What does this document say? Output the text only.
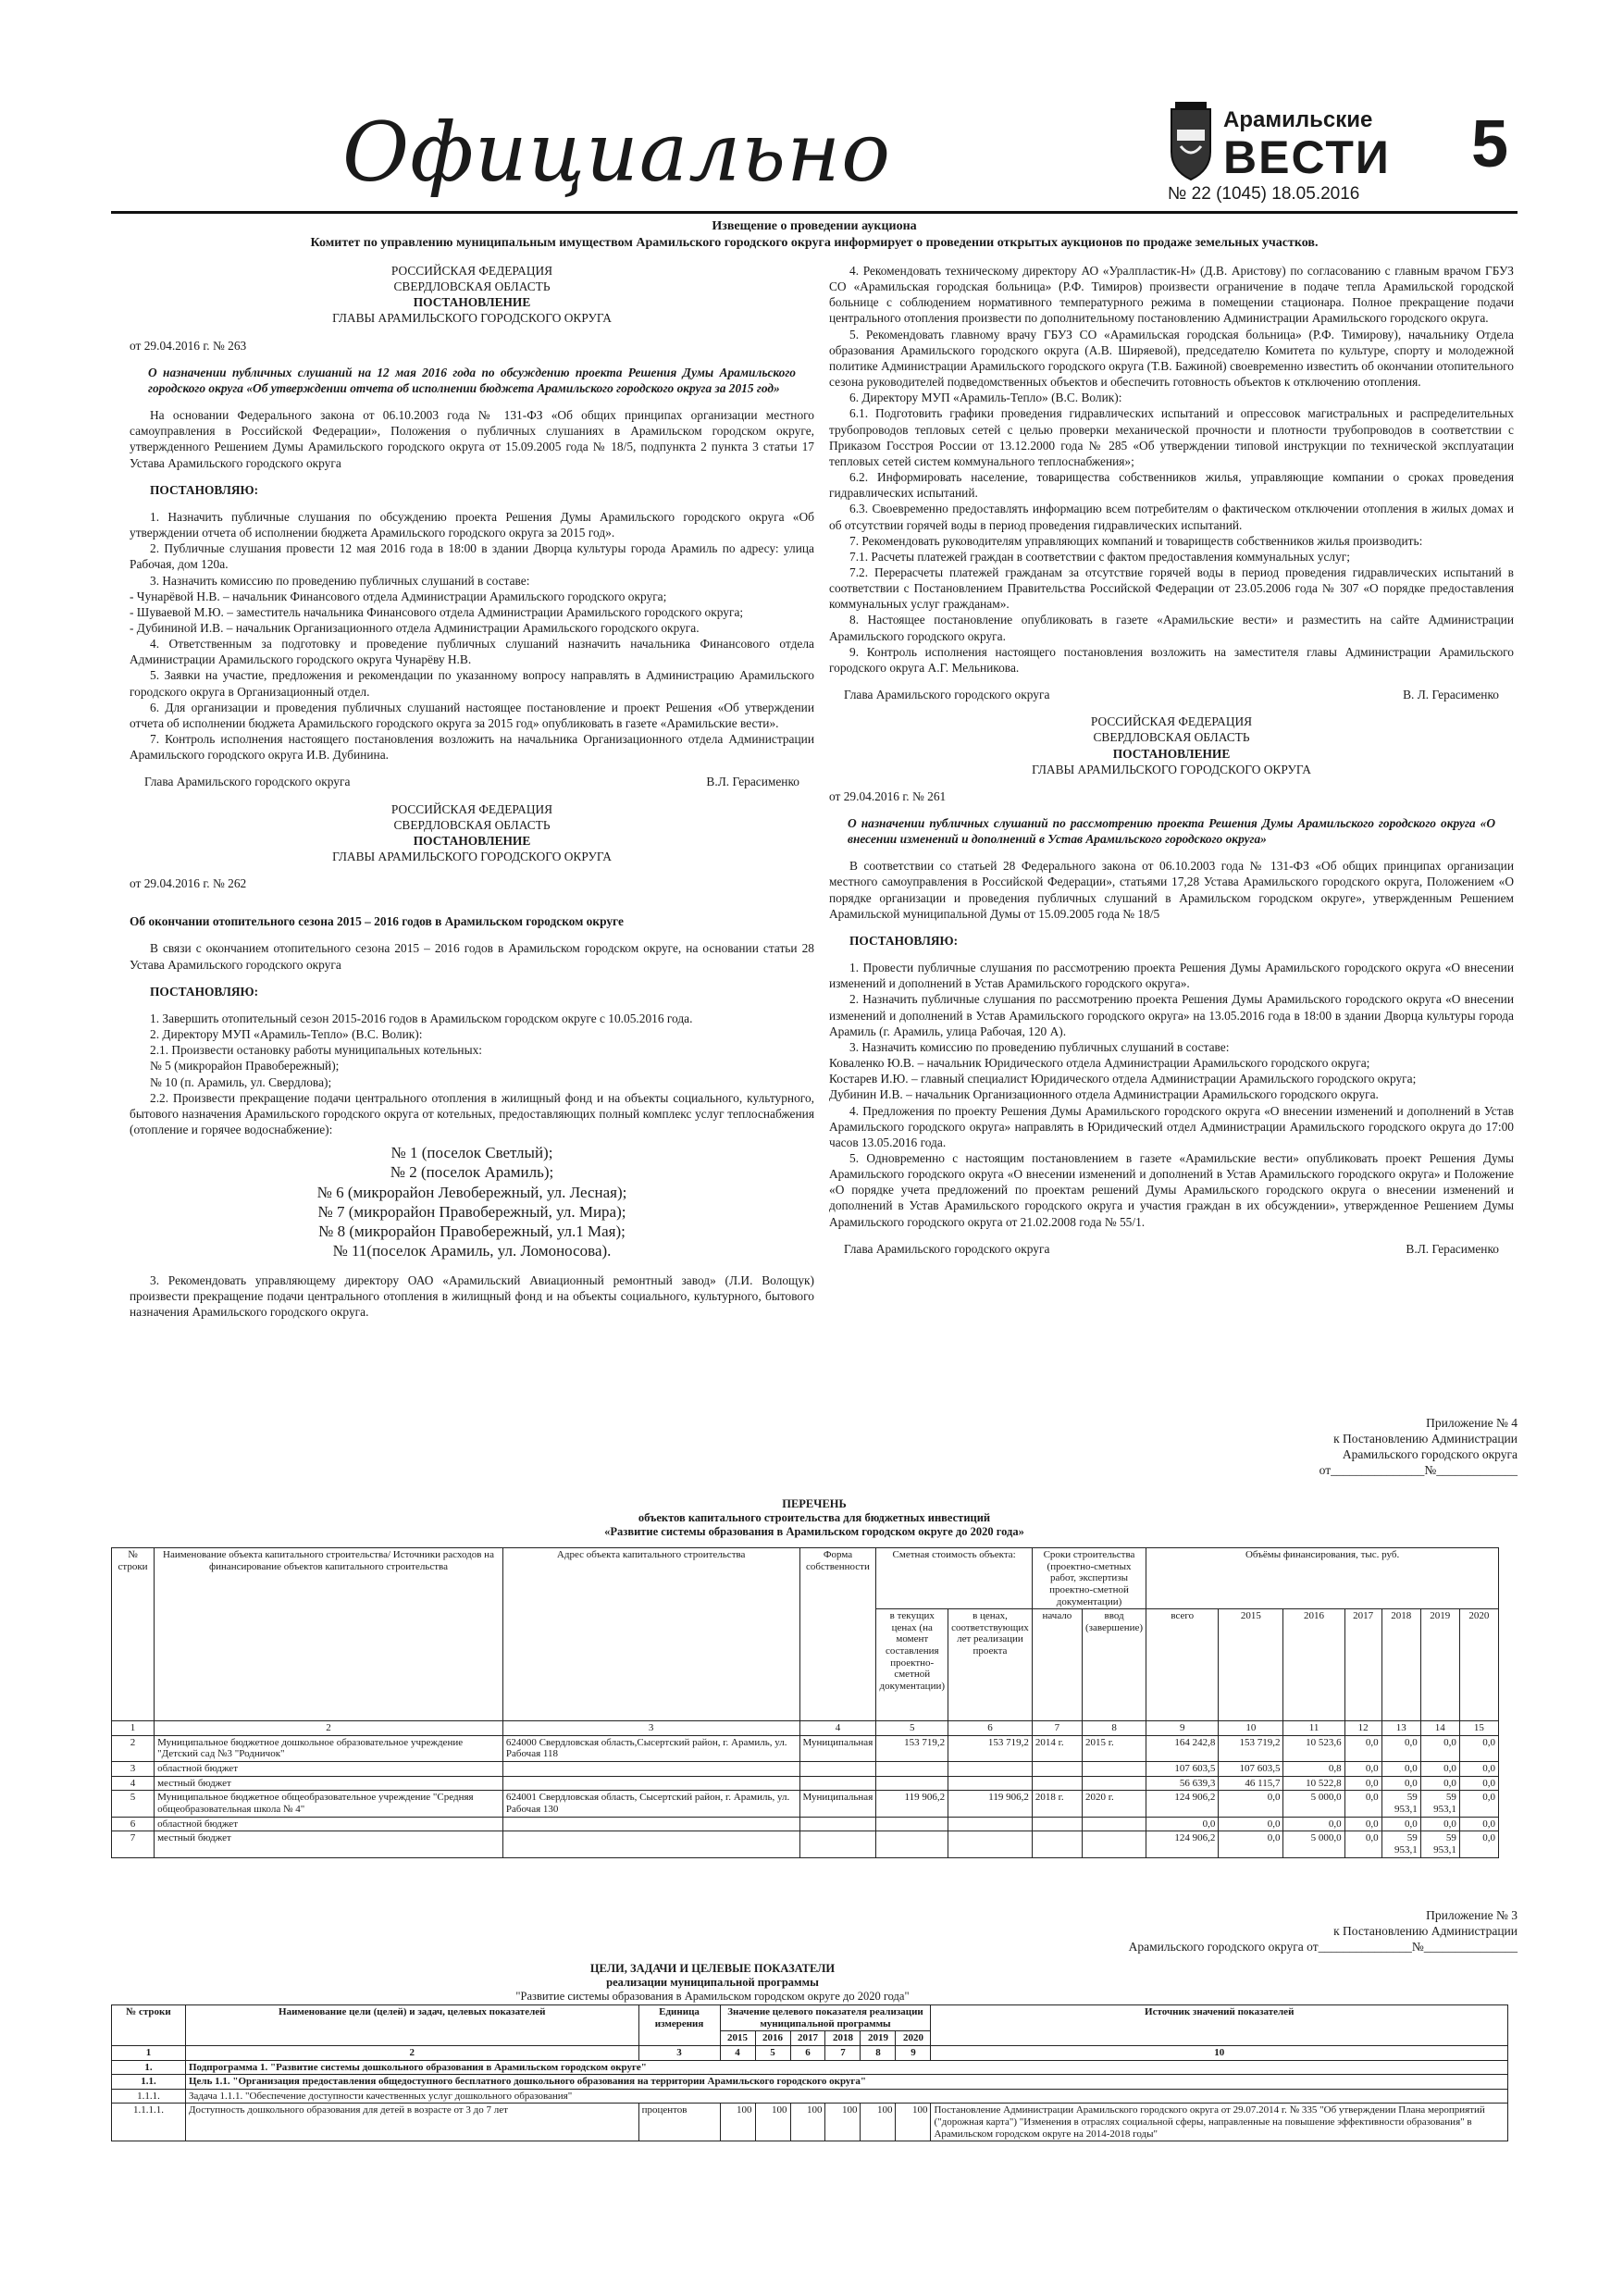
Официально	Арамильские
ВЕСТИ 5
№ 22 (1045) 18.05.2016
Извещение о проведении аукциона
Комитет по управлению муниципальным имуществом Арамильского городского округа информирует о проведении открытых аукционов по продаже земельных участков.
РОССИЙСКАЯ ФЕДЕРАЦИЯ
СВЕРДЛОВСКАЯ ОБЛАСТЬ
ПОСТАНОВЛЕНИЕ
ГЛАВЫ АРАМИЛЬСКОГО ГОРОДСКОГО ОКРУГА

от 29.04.2016 г. № 263

О назначении публичных слушаний на 12 мая 2016 года по обсуждению проекта Решения Думы Арамильского городского округа «Об утверждении отчета об исполнении бюджета Арамильского городского округа за 2015 год»

На основании Федерального закона от 06.10.2003 года № 131-ФЗ «Об общих принципах организации местного самоуправления в Российской Федерации», Положения о публичных слушаниях в Арамильском городском округе, утвержденного Решением Думы Арамильского городского округа от 15.09.2005 года № 18/5, подпункта 2 пункта 3 статьи 17 Устава Арамильского городского округа

ПОСТАНОВЛЯЮ:

1. Назначить публичные слушания по обсуждению проекта Решения Думы Арамильского городского округа «Об утверждении отчета об исполнении бюджета Арамильского городского округа за 2015 год».

2. Публичные слушания провести 12 мая 2016 года в 18:00 в здании Дворца культуры города Арамиль по адресу: улица Рабочая, дом 120а.

3. Назначить комиссию по проведению публичных слушаний в составе:

- Чунарëвой Н.В. – начальник Финансового отдела Администрации Арамильского городского округа;

- Шуваевой М.Ю. – заместитель начальника Финансового отдела Администрации Арамильского городского округа;

- Дубининой И.В. – начальник Организационного отдела Администрации Арамильского городского округа.

4. Ответственным за подготовку и проведение публичных слушаний назначить начальника Финансового отдела Администрации Арамильского городского округа Чунарëву Н.В.

5. Заявки на участие, предложения и рекомендации по указанному вопросу направлять в Администрацию Арамильского городского округа в Организационный отдел.

6. Для организации и проведения публичных слушаний настоящее постановление и проект Решения «Об утверждении отчета об исполнении бюджета Арамильского городского округа за 2015 год» опубликовать в газете «Арамильские вести».

7. Контроль исполнения настоящего постановления возложить на начальника Организационного отдела Администрации Арамильского городского округа И.В. Дубинина.

Глава Арамильского городского округа	В.Л. Герасименко
РОССИЙСКАЯ ФЕДЕРАЦИЯ
СВЕРДЛОВСКАЯ ОБЛАСТЬ
ПОСТАНОВЛЕНИЕ
ГЛАВЫ АРАМИЛЬСКОГО ГОРОДСКОГО ОКРУГА

от 29.04.2016 г. № 262

Об окончании отопительного сезона 2015 – 2016 годов в Арамильском городском округе

В связи с окончанием отопительного сезона 2015 – 2016 годов в Арамильском городском округе, на основании статьи 28 Устава Арамильского городского округа

ПОСТАНОВЛЯЮ:

1. Завершить отопительный сезон 2015-2016 годов в Арамильском городском округе с 10.05.2016 года.

2. Директору МУП «Арамиль-Тепло» (В.С. Волик):

2.1. Произвести остановку работы муниципальных котельных:

№ 5 (микрорайон Правобережный);

№ 10 (п. Арамиль, ул. Свердлова);

2.2. Произвести прекращение подачи центрального отопления в жилищный фонд и на объекты социального, культурного, бытового назначения Арамильского городского округа от котельных, предоставляющих полный комплекс услуг теплоснабжения (отопление и горячее водоснабжение):

№ 1 (поселок Светлый);
№ 2 (поселок Арамиль);
№ 6 (микрорайон Левобережный, ул. Лесная);
№ 7 (микрорайон Правобережный, ул. Мира);
№ 8 (микрорайон Правобережный, ул.1 Мая);
№ 11(поселок Арамиль, ул. Ломоносова).

3. Рекомендовать управляющему директору ОАО «Арамильский Авиационный ремонтный завод» (Л.И. Волощук) произвести прекращение подачи центрального отопления в жилищный фонд и на объекты социального, культурного, бытового назначения Арамильского городского округа.

4. Рекомендовать техническому директору АО «Уралпластик-Н» (Д.В. Аристову) по согласованию с главным врачом ГБУЗ СО «Арамильская городская больница» (Р.Ф. Тимиров) произвести ограничение в подаче тепла Арамильской городской больнице с соблюдением нормативного температурного режима в помещении стационара. Полное прекращение подачи центрального отопления произвести по дополнительному постановлению Администрации Арамильского городского округа.

5. Рекомендовать главному врачу ГБУЗ СО «Арамильская городская больница» (Р.Ф. Тимирову), начальнику Отдела образования Арамильского городского округа (А.В. Ширяевой), председателю Комитета по культуре, спорту и молодежной политике Администрации Арамильского городского округа (Т.В. Бажиной) своевременно известить об окончании отопительного сезона руководителей подведомственных объектов и обеспечить готовность объектов к отключению отопления.

6. Директору МУП «Арамиль-Тепло» (В.С. Волик):

6.1. Подготовить графики проведения гидравлических испытаний и опрессовок магистральных и распределительных трубопроводов тепловых сетей с целью проверки механической прочности и плотности трубопроводов в соответствии с Приказом Госстроя России от 13.12.2000 года № 285 «Об утверждении типовой инструкции по технической эксплуатации тепловых сетей систем коммунального теплоснабжения»;

6.2. Информировать население, товарищества собственников жилья, управляющие компании о сроках проведения гидравлических испытаний.

6.3. Своевременно предоставлять информацию всем потребителям о фактическом отключении отопления в жилых домах и об отсутствии горячей воды в период проведения гидравлических испытаний.

7. Рекомендовать руководителям управляющих компаний и товариществ собственников жилья производить:

7.1. Расчеты платежей граждан в соответствии с фактом предоставления коммунальных услуг;

7.2. Перерасчеты платежей гражданам за отсутствие горячей воды в период проведения гидравлических испытаний в соответствии с Постановлением Правительства Российской Федерации от 23.05.2006 года № 307 «О порядке предоставления коммунальных услуг гражданам».

8. Настоящее постановление опубликовать в газете «Арамильские вести» и разместить на сайте Администрации Арамильского городского округа.

9. Контроль исполнения настоящего постановления возложить на заместителя главы Администрации Арамильского городского округа А.Г. Мельникова.

Глава Арамильского городского округа	В. Л. Герасименко
РОССИЙСКАЯ ФЕДЕРАЦИЯ
СВЕРДЛОВСКАЯ ОБЛАСТЬ
ПОСТАНОВЛЕНИЕ
ГЛАВЫ АРАМИЛЬСКОГО ГОРОДСКОГО ОКРУГА

от 29.04.2016 г. № 261

О назначении публичных слушаний по рассмотрению проекта Решения Думы Арамильского городского округа «О внесении изменений и дополнений в Устав Арамильского городского округа»

В соответствии со статьей 28 Федерального закона от 06.10.2003 года № 131-ФЗ «Об общих принципах организации местного самоуправления в Российской Федерации», статьями 17,28 Устава Арамильского городского округа, Положением «О порядке организации и проведения публичных слушаний в Арамильском городском округе», утвержденным Решением Арамильской муниципальной Думы от 15.09.2005 года № 18/5

ПОСТАНОВЛЯЮ:

1. Провести публичные слушания по рассмотрению проекта Решения Думы Арамильского городского округа «О внесении изменений и дополнений в Устав Арамильского городского округа».

2. Назначить публичные слушания по рассмотрению проекта Решения Думы Арамильского городского округа «О внесении изменений и дополнений в Устав Арамильского городского округа» на 13.05.2016 года в 18:00 в здании Дворца культуры города Арамиль (г. Арамиль, улица Рабочая, 120 А).

3. Назначить комиссию по проведению публичных слушаний в составе:

Коваленко Ю.В. – начальник Юридического отдела Администрации Арамильского городского округа;

Костарев И.Ю. – главный специалист Юридического отдела Администрации Арамильского городского округа;

Дубинин И.В. – начальник Организационного отдела Администрации Арамильского городского округа.

4. Предложения по проекту Решения Думы Арамильского городского округа «О внесении изменений и дополнений в Устав Арамильского городского округа» направлять в Юридический отдел Администрации Арамильского городского округа до 17:00 часов 13.05.2016 года.

5. Одновременно с настоящим постановлением в газете «Арамильские вести» опубликовать проект Решения Думы Арамильского городского округа «О внесении изменений и дополнений в Устав Арамильского городского округа» и Положение «О порядке учета предложений по проектам решений Думы Арамильского городского округа о внесении изменений и дополнений в Устав Арамильского городского округа и участия граждан в их обсуждении», утвержденное Решением Думы Арамильского городского округа от 21.02.2008 года № 55/1.

Глава Арамильского городского округа	В.Л. Герасименко
Приложение № 4
к Постановлению Администрации
Арамильского городского округа
от_______________№_____________
ПЕРЕЧЕНЬ
объектов капитального строительства для бюджетных инвестиций
«Развитие системы образования в Арамильском городском округе до 2020 года»
№ строки	Наименование объекта капитального строительства/ Источники расходов на финансирование объектов капитального строительства	Адрес объекта капитального строительства	Форма собственности	Сметная стоимость объекта:		Сроки строительства (проектно-сметных работ, экспертизы проектно-сметной документации)		Объёмы финансирования, тыс. руб.						
				в текущих ценах (на момент составления проектно-сметной документации)	в ценах, соответствующих лет реализации проекта	начало	ввод (завершение)	всего	2015	2016	2017	2018	2019	2020
1	2	3	4	5	6	7	8	9	10	11	12	13	14	15
2	Муниципальное бюджетное дошкольное образовательное учреждение "Детский сад №3 "Родничок"	624000 Свердловская область,Сысертский район, г. Арамиль, ул. Рабочая 118	Муниципальная	153 719,2	153 719,2	2014 г.	2015 г.	164 242,8	153 719,2	10 523,6	0,0	0,0	0,0	0,0
3	областной бюджет							107 603,5	107 603,5	0,8	0,0	0,0	0,0	0,0
4	местный бюджет							56 639,3	46 115,7	10 522,8	0,0	0,0	0,0	0,0
5	Муниципальное бюджетное общеобразовательное учреждение "Средняя общеобразовательная школа № 4"	624001 Свердловская область, Сысертский район, г. Арамиль, ул. Рабочая 130	Муниципальная	119 906,2	119 906,2	2018 г.	2020 г.	124 906,2	0,0	5 000,0	0,0	59 953,1	59 953,1	0,0
6	областной бюджет							0,0	0,0	0,0	0,0	0,0	0,0	0,0
7	местный бюджет							124 906,2	0,0	5 000,0	0,0	59 953,1	59 953,1	0,0
Приложение № 3
к Постановлению Администрации
Арамильского городского округа от_______________№_______________
ЦЕЛИ, ЗАДАЧИ И ЦЕЛЕВЫЕ ПОКАЗАТЕЛИ
реализации муниципальной программы
"Развитие системы образования в Арамильском городском округе до 2020 года"
№ строки	Наименование цели (целей) и задач, целевых показателей	Единица измерения	Значение целевого показателя реализации муниципальной программы						Источник значений показателей
			2015	2016	2017	2018	2019	2020	
1	2	3	4	5	6	7	8	9	10
1.	Подпрограмма 1. "Развитие системы дошкольного образования в Арамильском городском округе"								
1.1.	Цель 1.1. "Организация предоставления общедоступного бесплатного дошкольного образования на территории Арамильского городского округа"								
1.1.1.	Задача 1.1.1. "Обеспечение доступности качественных услуг дошкольного образования"								
1.1.1.1.	Доступность дошкольного образования для детей в возрасте от 3 до 7 лет	процентов	100	100	100	100	100	100	Постановление Администрации Арамильского городского округа от 29.07.2014 г. № 335 "Об утверждении Плана мероприятий ("дорожная карта") "Изменения в отраслях социальной сферы, направленные на повышение эффективности образования" в Арамильском городском округе на 2014-2018 годы"
